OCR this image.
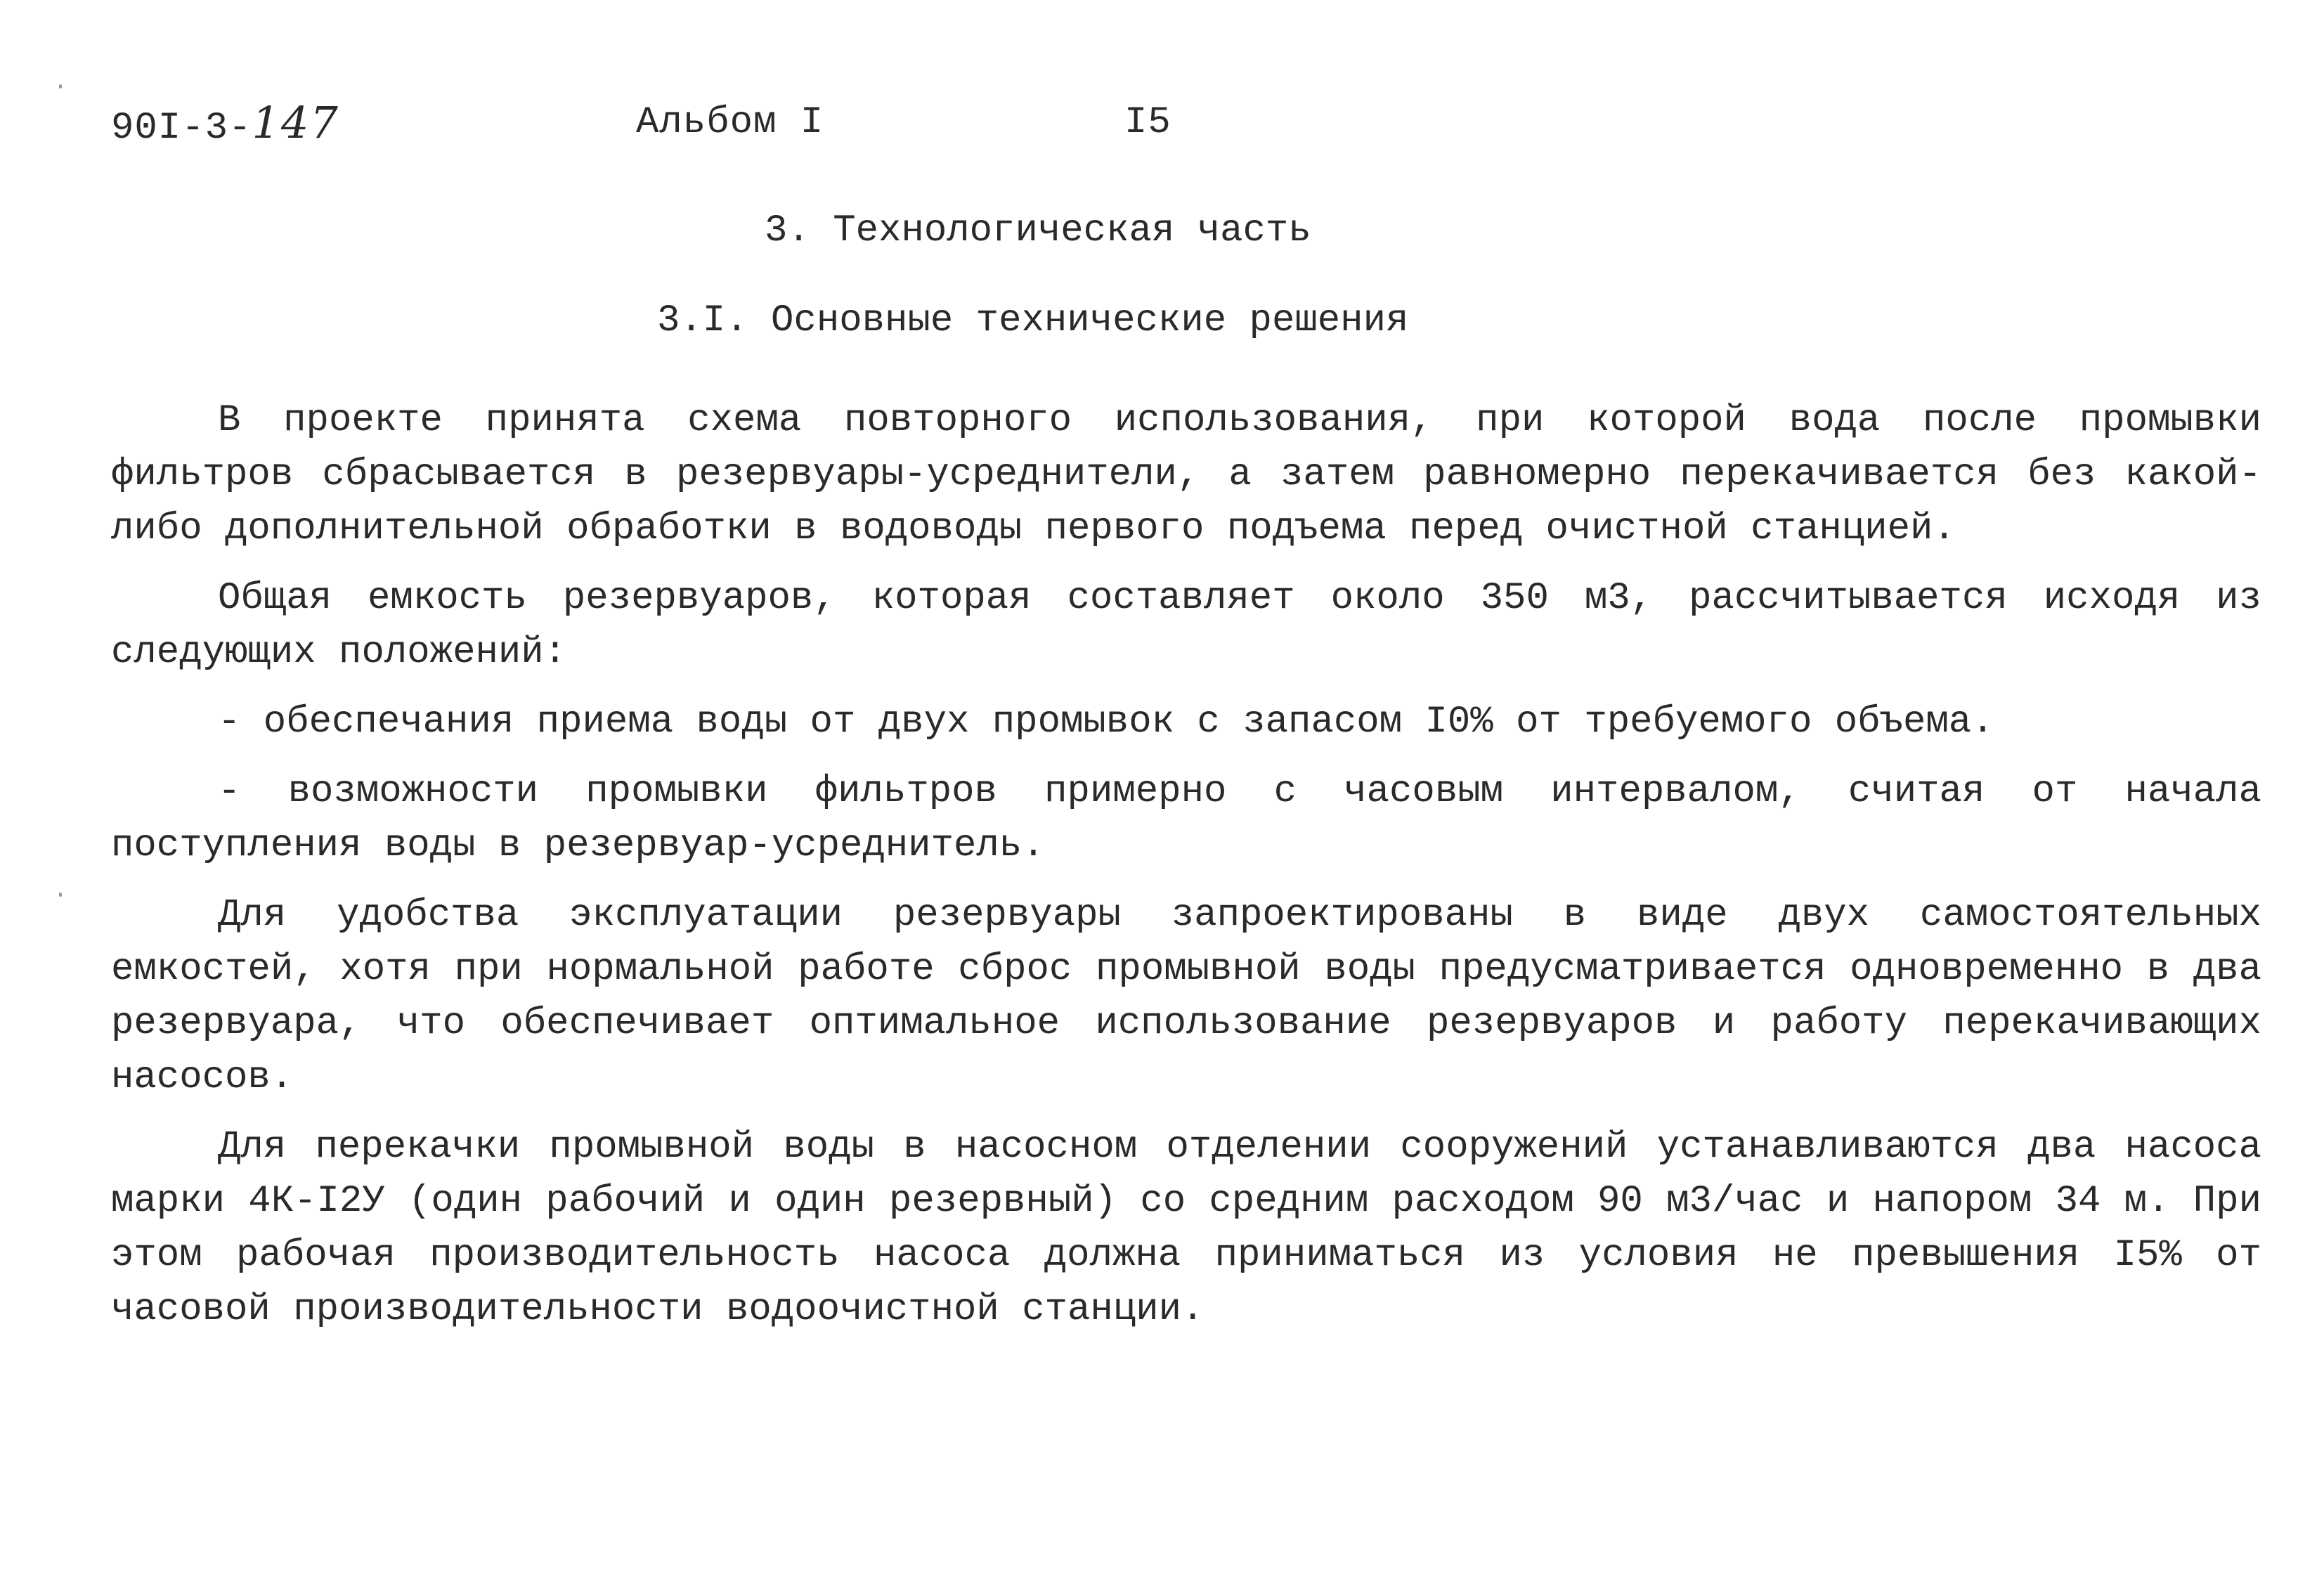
90I-3-147	Альбом I	I5
3. Технологическая часть
3.I. Основные технические решения

В проекте принята схема повторного использования, при которой вода после промывки фильтров сбрасывается в резервуары-усреднители, а затем равномерно перекачивается без какой-либо дополнительной обработки в водоводы первого подъема перед очистной станцией.

Общая емкость резервуаров, которая составляет около 350 м3, рассчитывается исходя из следующих положений:

- обеспечания приема воды от двух промывок с запасом I0% от требуемого объема.

- возможности промывки фильтров примерно с часовым интервалом, считая от начала поступления воды в резервуар-усреднитель.

Для удобства эксплуатации резервуары запроектированы в виде двух самостоятельных емкостей, хотя при нормальной работе сброс промывной воды предусматривается одновременно в два резервуара, что обеспечивает оптимальное использование резервуаров и работу перекачивающих насосов.

Для перекачки промывной воды в насосном отделении сооружений устанавливаются два насоса марки 4К-I2У (один рабочий и один резервный) со средним расходом 90 м3/час и напором 34 м. При этом рабочая производительность насоса должна приниматься из условия не превышения I5% от часовой производительности водоочистной станции.
